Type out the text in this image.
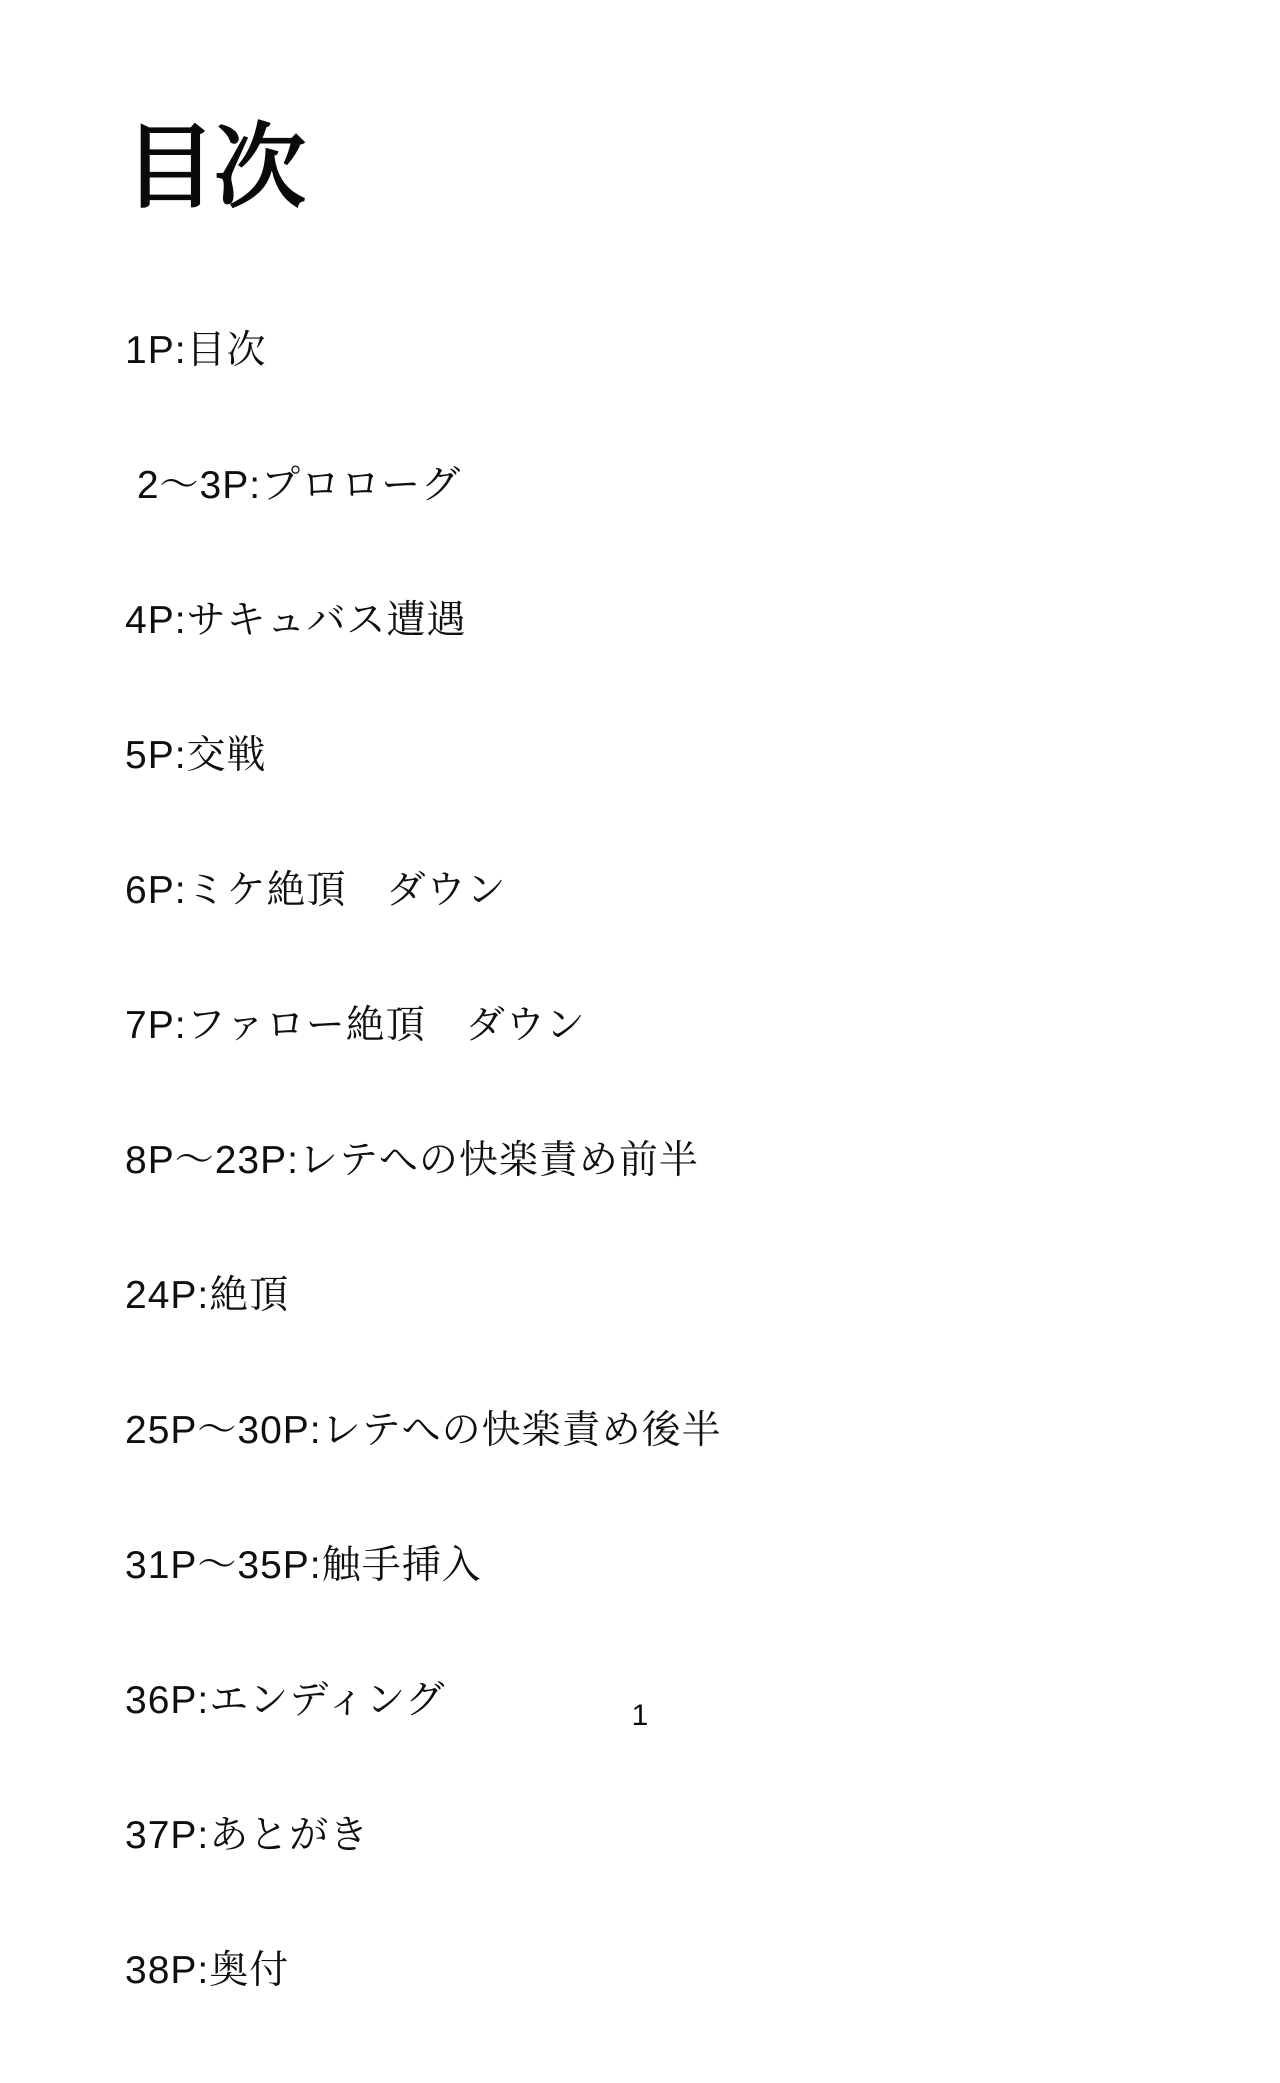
目次

1P:目次

2〜3P:プロローグ

4P:サキュバス遭遇

5P:交戦

6P:ミケ絶頂　ダウン

7P:ファロー絶頂　ダウン

8P〜23P:レテへの快楽責め前半

24P:絶頂

25P〜30P:レテへの快楽責め後半

31P〜35P:触手挿入

36P:エンディング

37P:あとがき

38P:奥付

1
